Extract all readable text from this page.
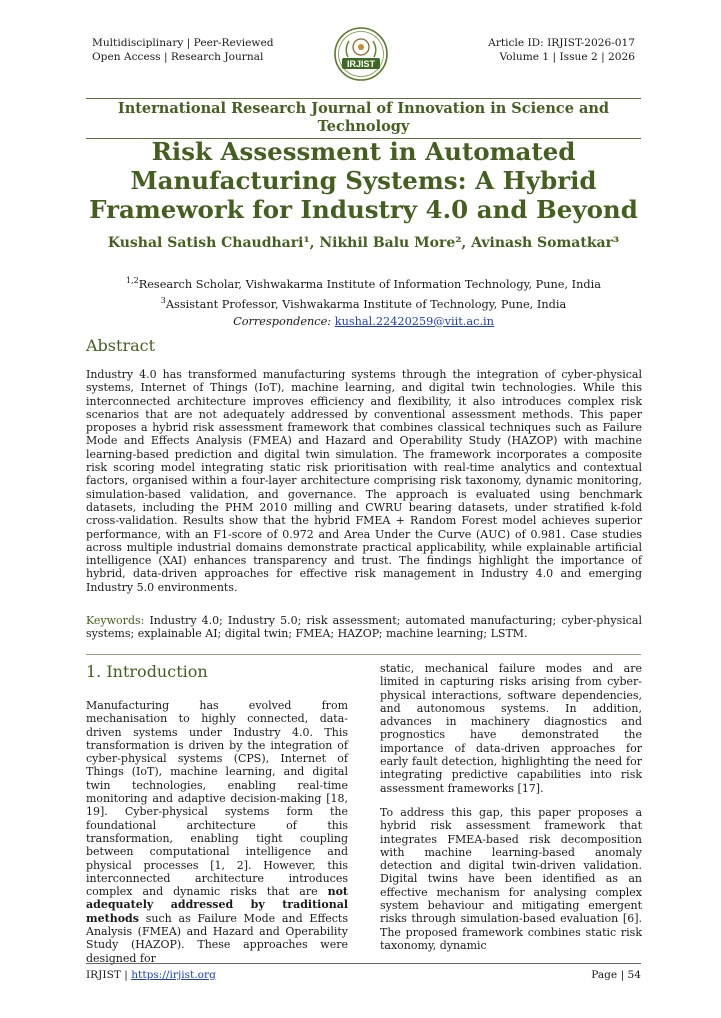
Multidisciplinary | Peer-Reviewed
Open Access | Research Journal
IRJIST
Article ID: IRJIST-2026-017
Volume 1 | Issue 2 | 2026
International Research Journal of Innovation in Science and Technology
Risk Assessment in Automated
Manufacturing Systems: A Hybrid
Framework for Industry 4.0 and Beyond
Kushal Satish Chaudhari¹, Nikhil Balu More², Avinash Somatkar³
$^{1,2}$Research Scholar, Vishwakarma Institute of Information Technology, Pune, India
$^3$Assistant Professor, Vishwakarma Institute of Technology, Pune, India
Correspondence: kushal.22420259@viit.ac.in
Abstract
Industry 4.0 has transformed manufacturing systems through the integration of cyber-physical systems, Internet of Things (IoT), machine learning, and digital twin technologies. While this interconnected architecture improves efficiency and flexibility, it also introduces complex risk scenarios that are not adequately addressed by conventional assessment methods. This paper proposes a hybrid risk assessment framework that combines classical techniques such as Failure Mode and Effects Analysis (FMEA) and Hazard and Operability Study (HAZOP) with machine learning-based prediction and digital twin simulation. The framework incorporates a composite risk scoring model integrating static risk prioritisation with real-time analytics and contextual factors, organised within a four-layer architecture comprising risk taxonomy, dynamic monitoring, simulation-based validation, and governance. The approach is evaluated using benchmark datasets, including the PHM 2010 milling and CWRU bearing datasets, under stratified k-fold cross-validation. Results show that the hybrid FMEA + Random Forest model achieves superior performance, with an F1-score of 0.972 and Area Under the Curve (AUC) of 0.981. Case studies across multiple industrial domains demonstrate practical applicability, while explainable artificial intelligence (XAI) enhances transparency and trust. The findings highlight the importance of hybrid, data-driven approaches for effective risk management in Industry 4.0 and emerging Industry 5.0 environments.
Keywords: Industry 4.0; Industry 5.0; risk assessment; automated manufacturing; cyber-physical systems; explainable AI; digital twin; FMEA; HAZOP; machine learning; LSTM.
1. Introduction
Manufacturing has evolved from mechanisation to highly connected, data-driven systems under Industry 4.0. This transformation is driven by the integration of cyber-physical systems (CPS), Internet of Things (IoT), machine learning, and digital twin technologies, enabling real-time monitoring and adaptive decision-making [18, 19]. Cyber-physical systems form the foundational architecture of this transformation, enabling tight coupling between computational intelligence and physical processes [1, 2]. However, this interconnected architecture introduces complex and dynamic risks that are not adequately addressed by traditional methods such as Failure Mode and Effects Analysis (FMEA) and Hazard and Operability Study (HAZOP). These approaches were designed for
static, mechanical failure modes and are limited in capturing risks arising from cyber-physical interactions, software dependencies, and autonomous systems. In addition, advances in machinery diagnostics and prognostics have demonstrated the importance of data-driven approaches for early fault detection, highlighting the need for integrating predictive capabilities into risk assessment frameworks [17].
To address this gap, this paper proposes a hybrid risk assessment framework that integrates FMEA-based risk decomposition with machine learning-based anomaly detection and digital twin-driven validation. Digital twins have been identified as an effective mechanism for analysing complex system behaviour and mitigating emergent risks through simulation-based evaluation [6]. The proposed framework combines static risk taxonomy, dynamic
IRJIST | https://irjist.org	Page | 54
